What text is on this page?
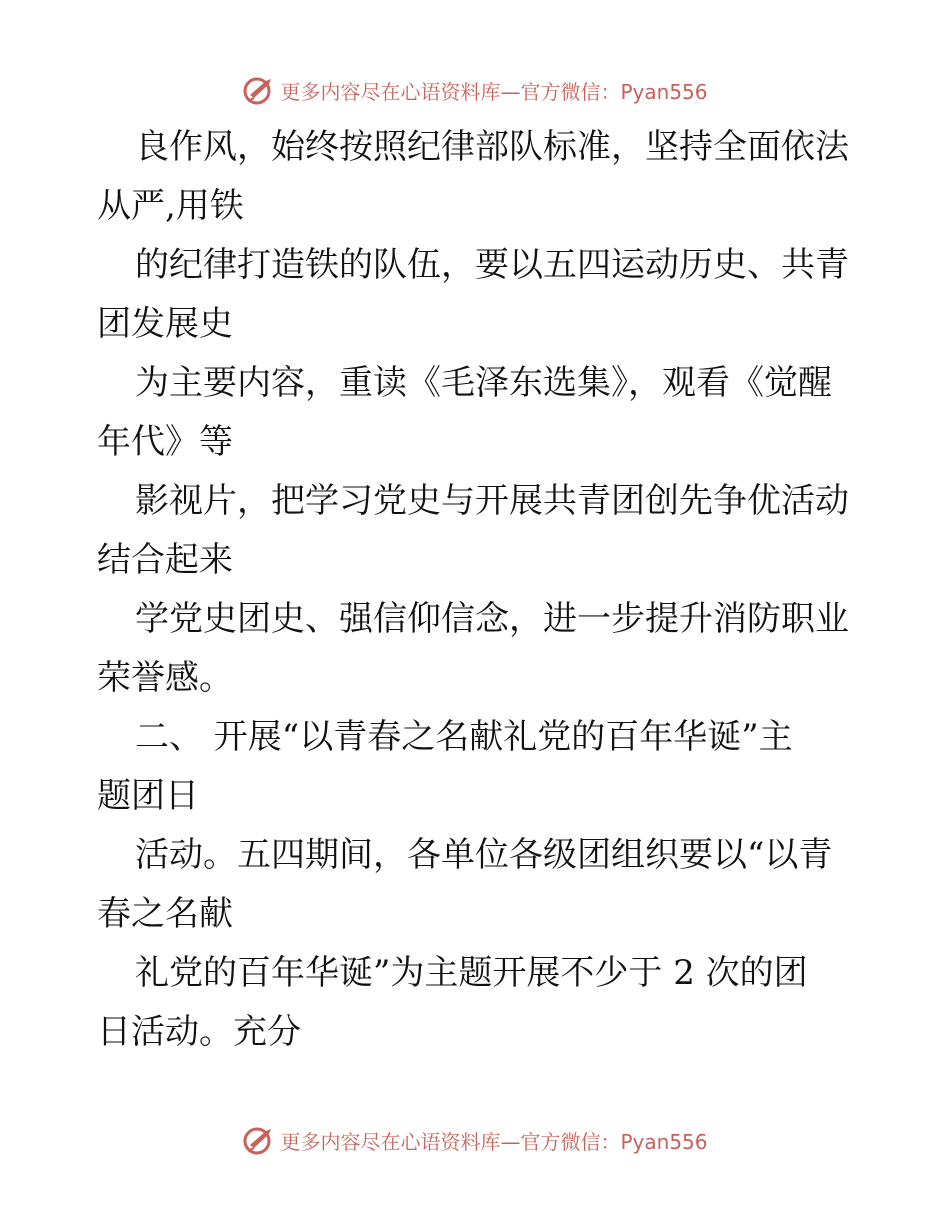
更多内容尽在心语资料库—官方微信：Pyan556

良作风，始终按照纪律部队标准，坚持全面依法
从严,用铁

的纪律打造铁的队伍，要以五四运动历史、共青
团发展史

为主要内容，重读《毛泽东选集》，观看《觉醒
年代》等

影视片，把学习党史与开展共青团创先争优活动
结合起来

学党史团史、强信仰信念，进一步提升消防职业
荣誉感。

二、 开展“以青春之名献礼党的百年华诞”主
题团日

活动。五四期间，各单位各级团组织要以“以青
春之名献

礼党的百年华诞”为主题开展不少于 2 次的团
日活动。充分

更多内容尽在心语资料库—官方微信：Pyan556
